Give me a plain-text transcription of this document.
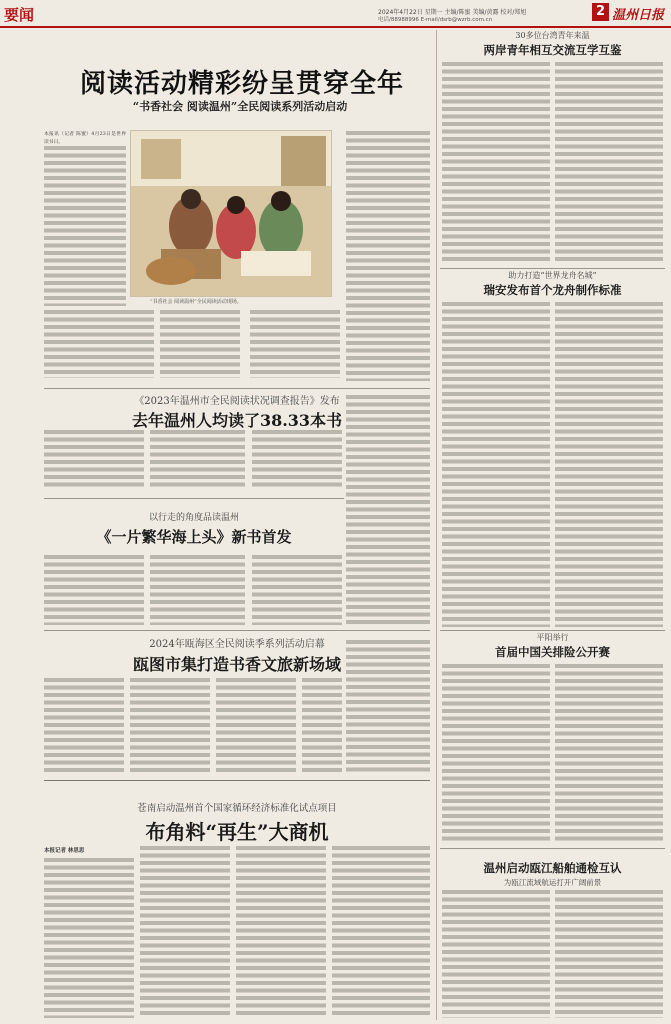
要闻	2024年4月22日 星期一 主编/陈蜜 美编/黄露 校对/郑旭
电话/88988996 E-mail/dsrb@wzrb.com.cn
2 温州日报
阅读活动精彩纷呈贯穿全年
“书香社会 阅读温州”全民阅读系列活动启动
“书香社会 阅读温州”全民阅读活动现场。
本报讯（记者 陈蜜）4月23日是世界读书日。
《2023年温州市全民阅读状况调查报告》发布
去年温州人均读了38.33本书
以行走的角度品读温州
《一片繁华海上头》新书首发
2024年瓯海区全民阅读季系列活动启幕
瓯图市集打造书香文旅新场域
苍南启动温州首个国家循环经济标准化试点项目
布角料“再生”大商机
本报记者 林思思
30多位台湾青年来温
两岸青年相互交流互学互鉴
助力打造“世界龙舟名城”
瑞安发布首个龙舟制作标准
平阳举行
首届中国关排险公开赛
温州启动瓯江船舶通检互认
为瓯江流域航运打开广阔前景
